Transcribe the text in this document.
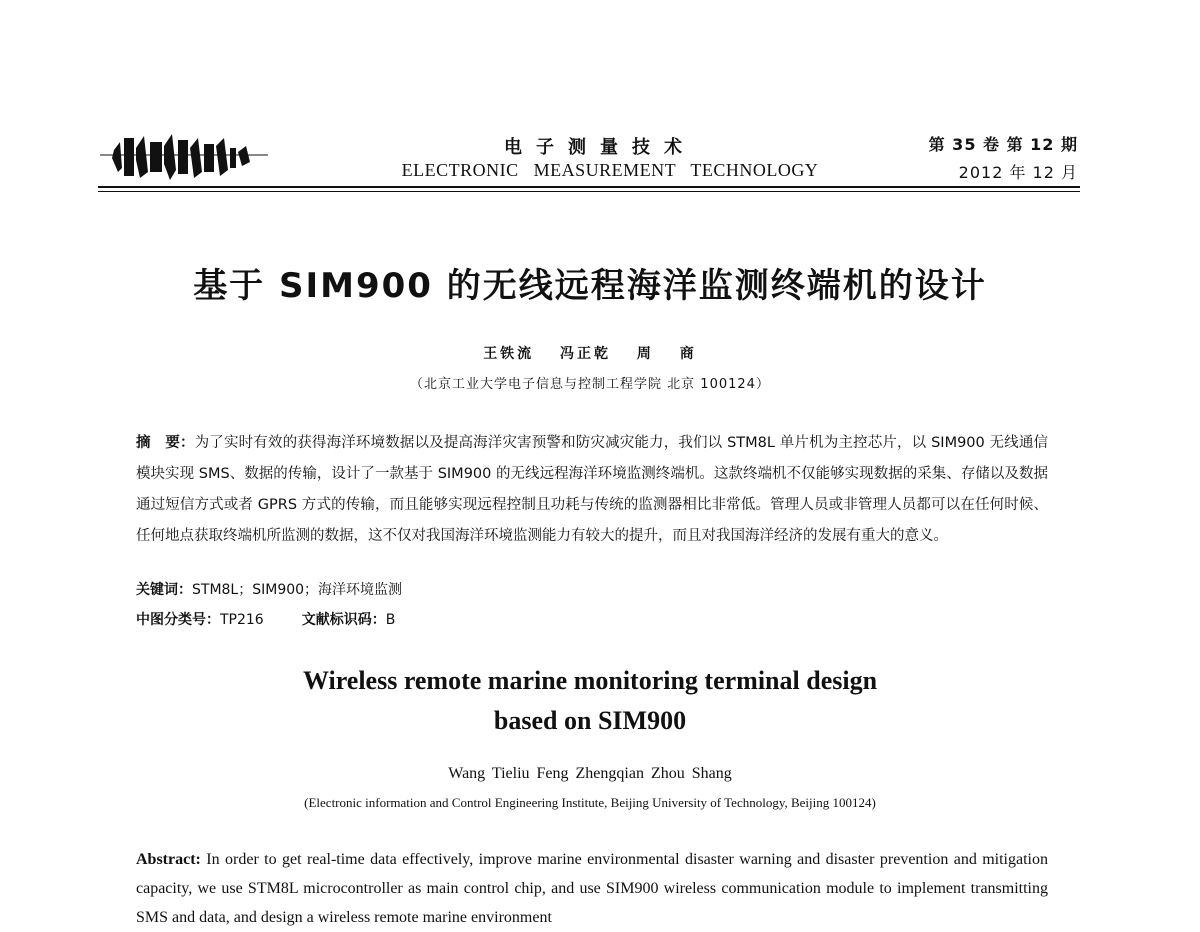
电子测量技术
ELECTRONIC MEASUREMENT TECHNOLOGY
第 35 卷 第 12 期
2012 年 12 月
基于 SIM900 的无线远程海洋监测终端机的设计
王铁流 冯正乾 周 商
（北京工业大学电子信息与控制工程学院 北京 100124）
摘　要：为了实时有效的获得海洋环境数据以及提高海洋灾害预警和防灾减灾能力，我们以 STM8L 单片机为主控芯片，以 SIM900 无线通信模块实现 SMS、数据的传输，设计了一款基于 SIM900 的无线远程海洋环境监测终端机。这款终端机不仅能够实现数据的采集、存储以及数据通过短信方式或者 GPRS 方式的传输，而且能够实现远程控制且功耗与传统的监测器相比非常低。管理人员或非管理人员都可以在任何时候、任何地点获取终端机所监测的数据，这不仅对我国海洋环境监测能力有较大的提升，而且对我国海洋经济的发展有重大的意义。
关键词：STM8L；SIM900；海洋环境监测
中图分类号：TP216	文献标识码：B
Wireless remote marine monitoring terminal design
based on SIM900
Wang Tieliu Feng Zhengqian Zhou Shang
(Electronic information and Control Engineering Institute, Beijing University of Technology, Beijing 100124)
Abstract: In order to get real-time data effectively, improve marine environmental disaster warning and disaster prevention and mitigation capacity, we use STM8L microcontroller as main control chip, and use SIM900 wireless communication module to implement transmitting SMS and data, and design a wireless remote marine environment
